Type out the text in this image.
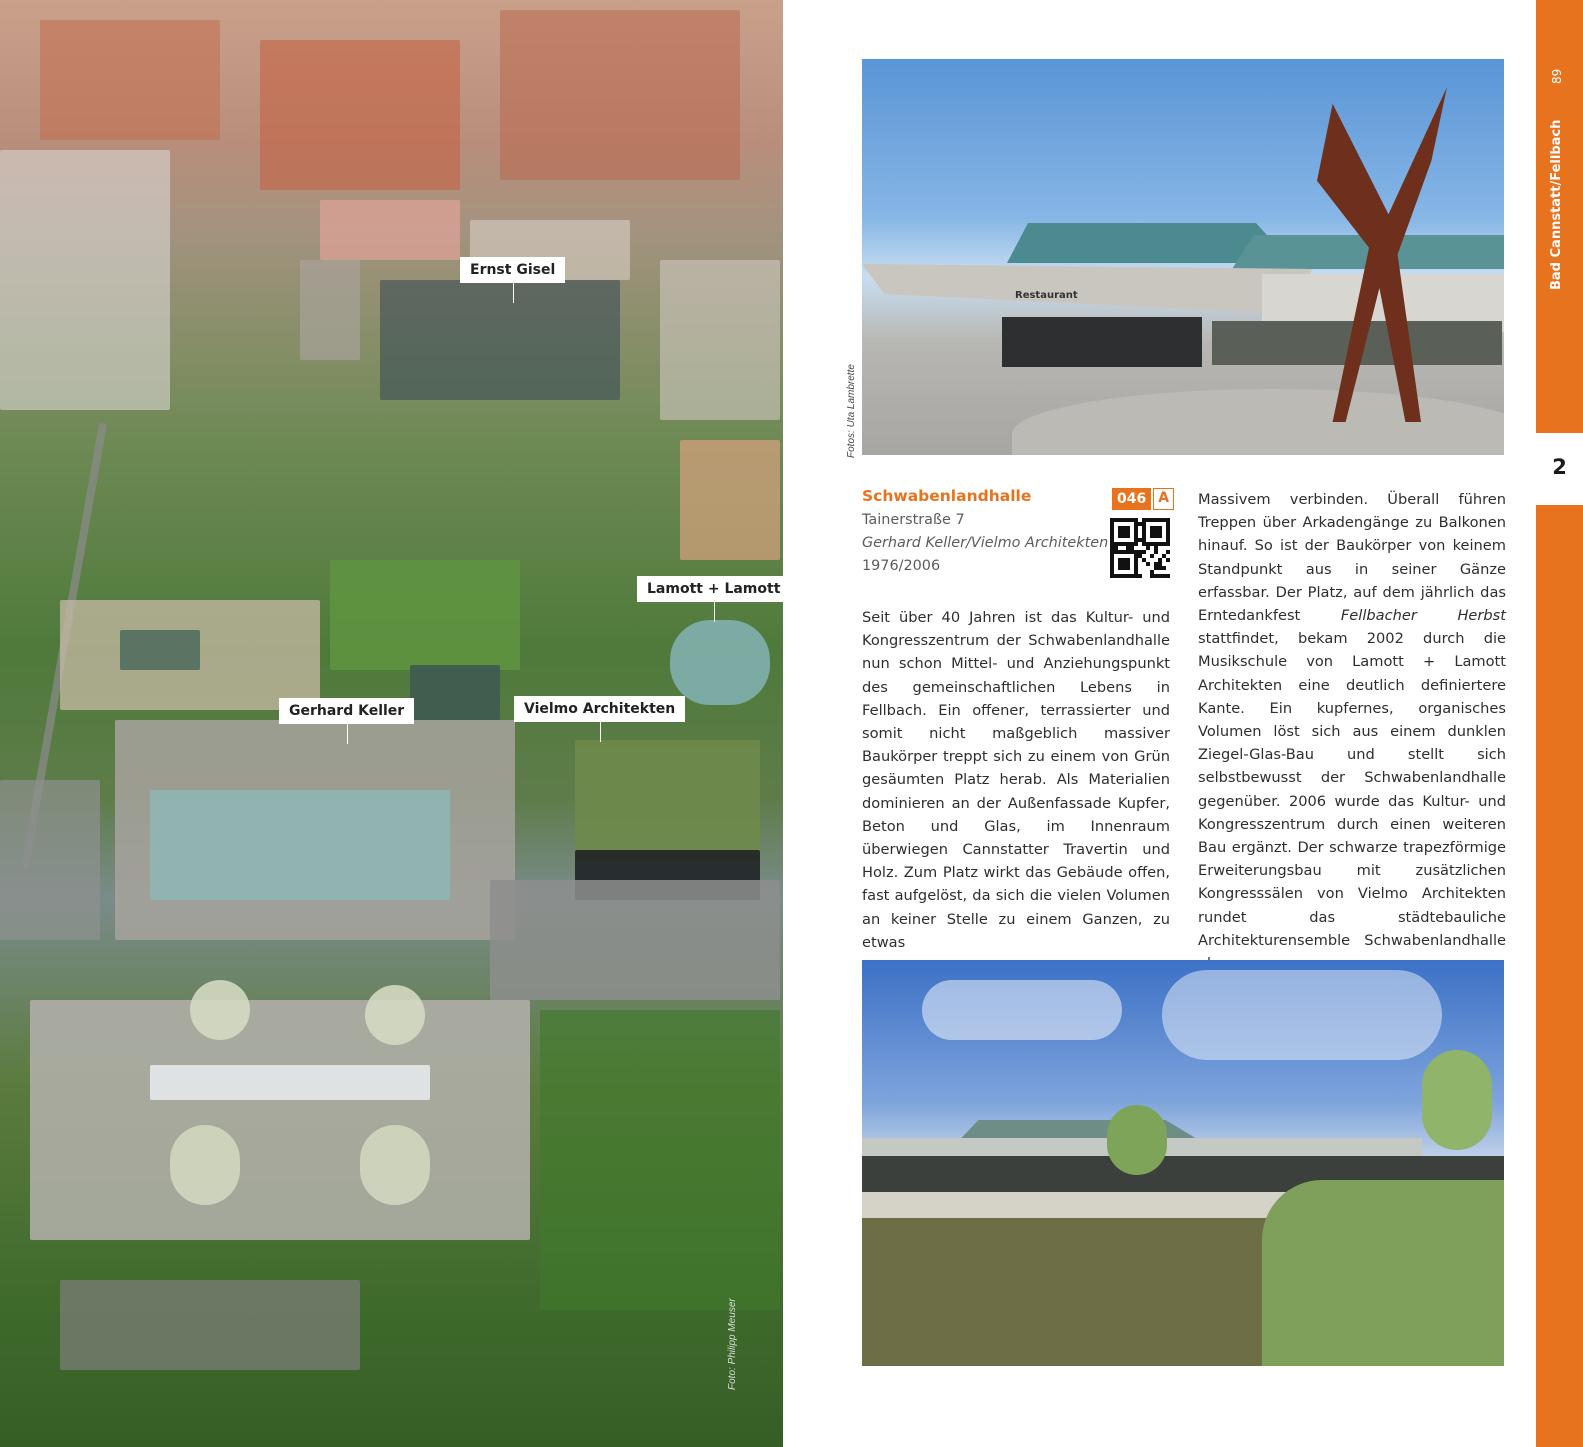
Ernst Gisel
Lamott + Lamott
Gerhard Keller	Vielmo Architekten
Foto: Philipp Meuser
Restaurant
Fotos: Uta Lambrette
Schwabenlandhalle	046 A
Tainerstraße 7
Gerhard Keller/Vielmo Architekten
1976/2006
Seit über 40 Jahren ist das Kultur- und Kongresszentrum der Schwabenlandhalle nun schon Mittel- und Anziehungspunkt des gemeinschaftlichen Lebens in Fellbach. Ein offener, terrassierter und somit nicht maßgeblich massiver Baukörper treppt sich zu einem von Grün gesäumten Platz herab. Als Materialien dominieren an der Außenfassade Kupfer, Beton und Glas, im Innenraum überwiegen Cannstatter Travertin und Holz. Zum Platz wirkt das Gebäude offen, fast aufgelöst, da sich die vielen Volumen an keiner Stelle zu einem Ganzen, zu etwas
Massivem verbinden. Überall führen Treppen über Arkadengänge zu Balkonen hinauf. So ist der Baukörper von keinem Standpunkt aus in seiner Gänze erfassbar. Der Platz, auf dem jährlich das Erntedankfest Fellbacher Herbst stattfindet, bekam 2002 durch die Musikschule von Lamott + Lamott Architekten eine deutlich definiertere Kante. Ein kupfernes, organisches Volumen löst sich aus einem dunklen Ziegel-Glas-Bau und stellt sich selbstbewusst der Schwabenlandhalle gegenüber. 2006 wurde das Kultur- und Kongresszentrum durch einen weiteren Bau ergänzt. Der schwarze trapezförmige Erweiterungsbau mit zusätzlichen Kongresssälen von Vielmo Architekten rundet das städtebauliche Architekturensemble Schwabenlandhalle
2
89
Bad Cannstatt/Fellbach
